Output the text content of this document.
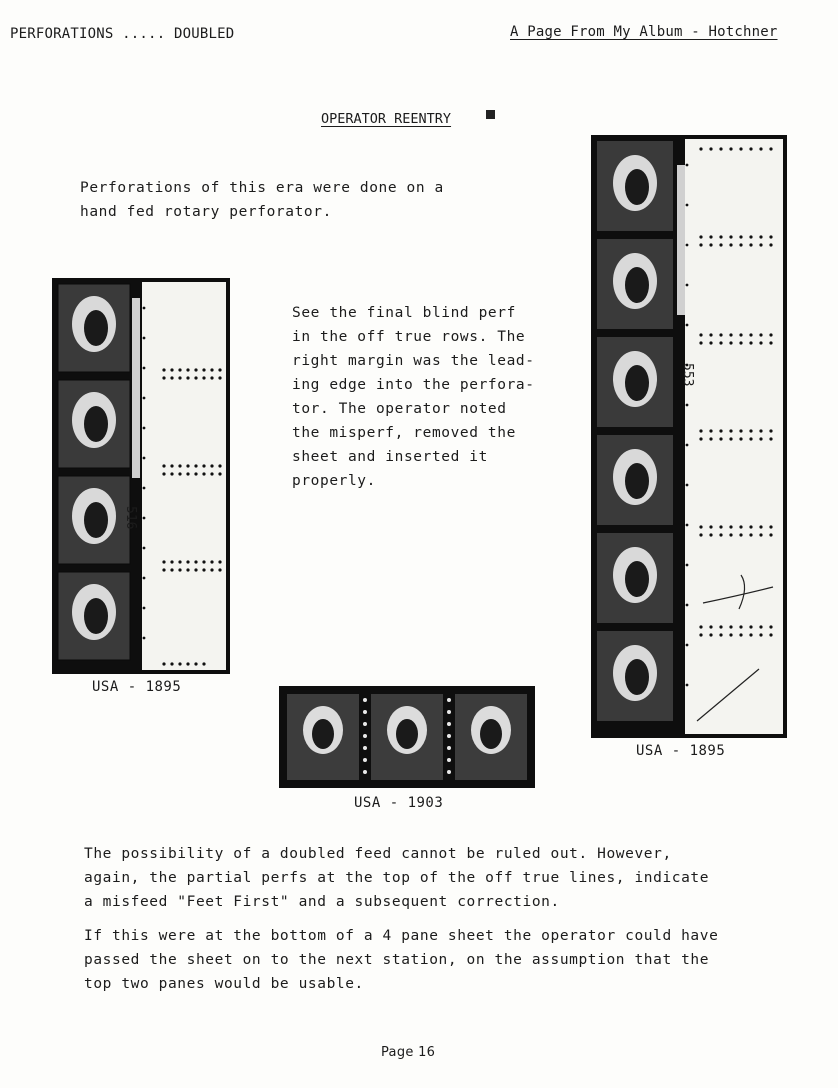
PERFORATIONS ..... DOUBLED	A Page From My Album - Hotchner
OPERATOR REENTRY
Perforations of this era were done on a
hand fed rotary perforator.
See the final blind perf
in the off true rows. The
right margin was the lead-
ing edge into the perfora-
tor. The operator noted
the misperf, removed the
sheet and inserted it
properly.
516
USA - 1895
USA - 1903
553
USA - 1895
The possibility of a doubled feed cannot be ruled out. However,
again, the partial perfs at the top of the off true lines, indicate
a misfeed "Feet First" and a subsequent correction.
If this were at the bottom of a 4 pane sheet the operator could have
passed the sheet on to the next station, on the assumption that the
top two panes would be usable.
Page 16
